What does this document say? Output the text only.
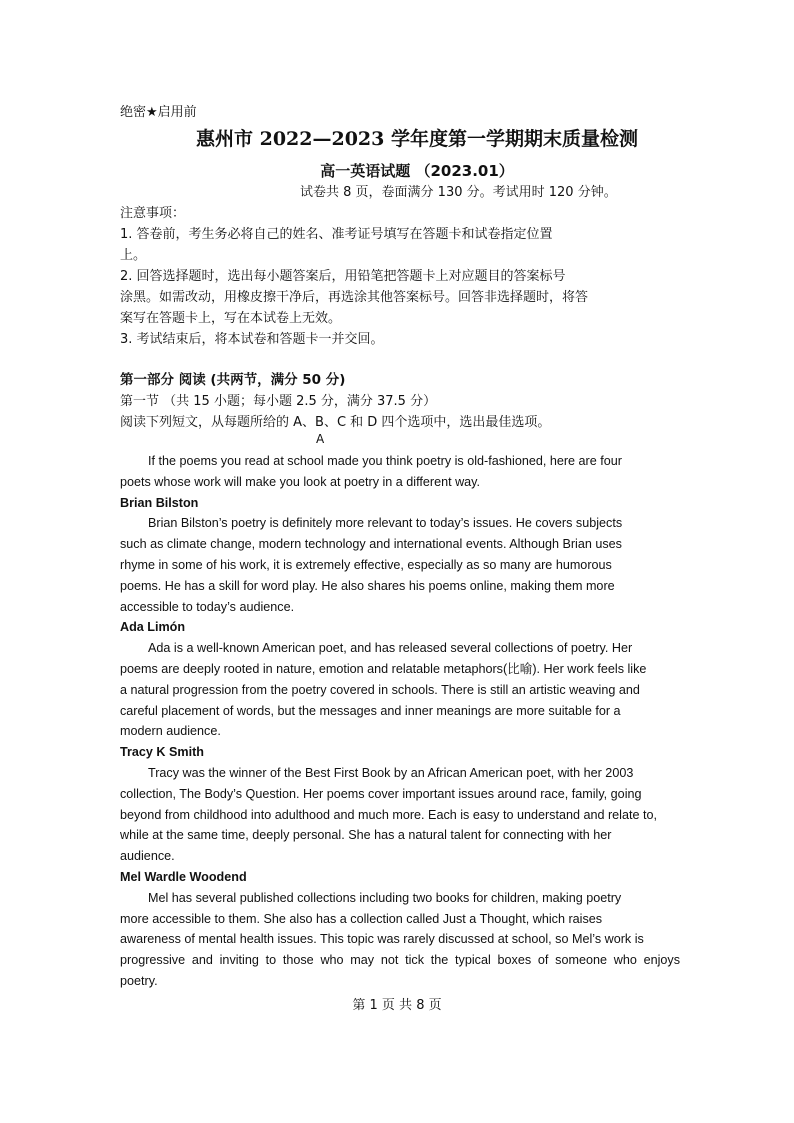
绝密★启用前
惠州市 2022—2023 学年度第一学期期末质量检测
高一英语试题 （2023.01）
试卷共 8 页，卷面满分 130 分。考试用时 120 分钟。

注意事项：

1. 答卷前，考生务必将自己的姓名、准考证号填写在答题卡和试卷指定位置

上。

2. 回答选择题时，选出每小题答案后，用铅笔把答题卡上对应题目的答案标号

涂黑。如需改动，用橡皮擦干净后，再选涂其他答案标号。回答非选择题时，将答

案写在答题卡上，写在本试卷上无效。

3. 考试结束后，将本试卷和答题卡一并交回。

第一部分 阅读 (共两节，满分 50 分)
第一节 （共 15 小题；每小题 2.5 分，满分 37.5 分）
阅读下列短文，从每题所给的 A、B、C 和 D 四个选项中，选出最佳选项。
A

If the poems you read at school made you think poetry is old-fashioned, here are four

poets whose work will make you look at poetry in a different way.

Brian Bilston

Brian Bilston’s poetry is definitely more relevant to today’s issues. He covers subjects

such as climate change, modern technology and international events. Although Brian uses

rhyme in some of his work, it is extremely effective, especially as so many are humorous

poems. He has a skill for word play. He also shares his poems online, making them more

accessible to today’s audience.

Ada Limón

Ada is a well-known American poet, and has released several collections of poetry. Her

poems are deeply rooted in nature, emotion and relatable metaphors(比喻). Her work feels like

a natural progression from the poetry covered in schools. There is still an artistic weaving and

careful placement of words, but the messages and inner meanings are more suitable for a

modern audience.

Tracy K Smith

Tracy was the winner of the Best First Book by an African American poet, with her 2003

collection, The Body’s Question. Her poems cover important issues around race, family, going

beyond from childhood into adulthood and much more. Each is easy to understand and relate to,

while at the same time, deeply personal. She has a natural talent for connecting with her

audience.

Mel Wardle Woodend

Mel has several published collections including two books for children, making poetry

more accessible to them. She also has a collection called Just a Thought, which raises

awareness of mental health issues. This topic was rarely discussed at school, so Mel’s work is

progressive and inviting to those who may not tick the typical boxes of someone who enjoys

poetry.

第 1 页 共 8 页
